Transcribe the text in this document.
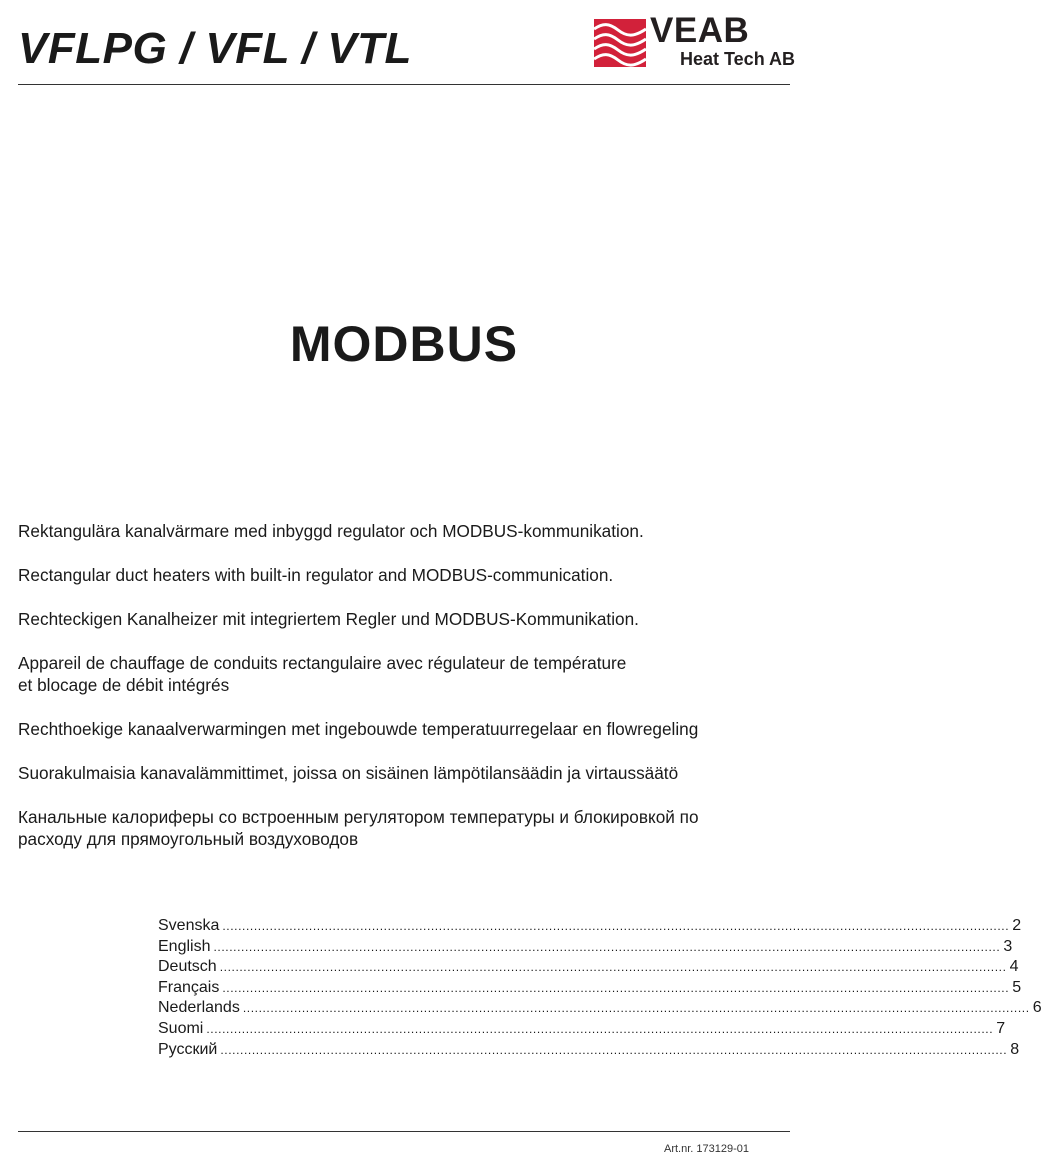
VFLPG / VFL / VTL	VEAB
Heat Tech AB
MODBUS

Rektangulära kanalvärmare med inbyggd regulator och MODBUS-kommunikation.

Rectangular duct heaters with built-in regulator and MODBUS-communication.

Rechteckigen Kanalheizer mit integriertem Regler und MODBUS-Kommunikation.

Appareil de chauffage de conduits rectangulaire avec régulateur de température
et blocage de débit intégrés

Rechthoekige kanaalverwarmingen met ingebouwde temperatuurregelaar en flowregeling

Suorakulmaisia kanavalämmittimet, joissa on sisäinen lämpötilansäädin ja virtaussäätö

Канальные калориферы со встроенным регулятором температуры и блокировкой по
расходу для прямоугольный воздуховодов

Svenska ........................................................................................................................................................................................................ 2
English ........................................................................................................................................................................................................ 3
Deutsch ........................................................................................................................................................................................................ 4
Français ........................................................................................................................................................................................................ 5
Nederlands ........................................................................................................................................................................................................ 6
Suomi ........................................................................................................................................................................................................ 7
Русский ........................................................................................................................................................................................................ 8
Art.nr. 173129-01
